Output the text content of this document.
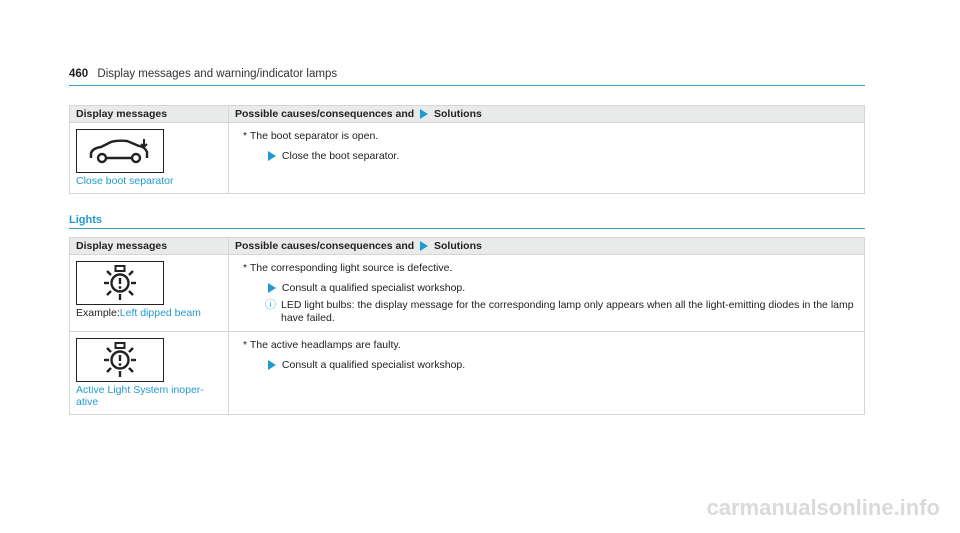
460 Display messages and warning/indicator lamps
Display messages	Possible causes/consequences and Solutions

Close boot separator	* The boot separator is open.
Close the boot separator.
Lights
Display messages	Possible causes/consequences and Solutions

Example:Left dipped beam	* The corresponding light source is defective.
Consult a qualified specialist workshop.
ⓘ LED light bulbs: the display message for the corresponding lamp only appears when all the light-emitting diodes in the lamp have failed.

Active Light System inoper- ative	* The active headlamps are faulty.
Consult a qualified specialist workshop.
carmanualsonline.info
